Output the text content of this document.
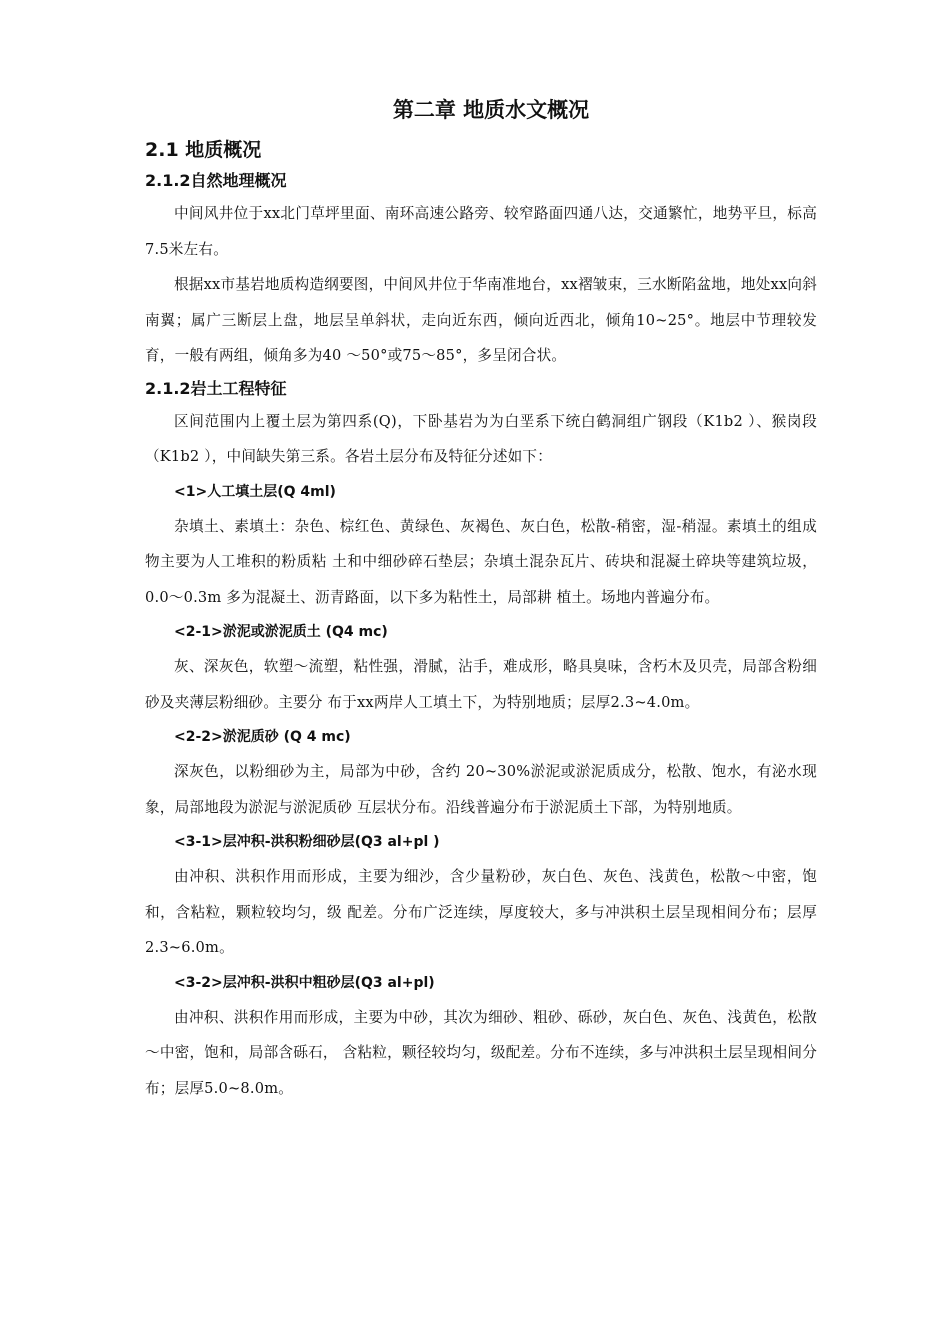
第二章 地质水文概况
2.1 地质概况
2.1.2自然地理概况

中间风井位于xx北门草坪里面、南环高速公路旁、较窄路面四通八达，交通繁忙，地势平旦，标高7.5米左右。

根据xx市基岩地质构造纲要图，中间风井位于华南准地台，xx褶皱束，三水断陷盆地，地处xx向斜南翼；属广三断层上盘，地层呈单斜状，走向近东西，倾向近西北，倾角10~25°。地层中节理较发育，一般有两组，倾角多为40 ～50°或75～85°，多呈闭合状。

2.1.2岩土工程特征

区间范围内上覆土层为第四系(Q)，下卧基岩为为白垩系下统白鹤洞组广钢段（K1b2 ）、猴岗段（K1b2 ），中间缺失第三系。各岩土层分布及特征分述如下：

<1>人工填土层(Q 4ml)

杂填土、素填土：杂色、棕红色、黄绿色、灰褐色、灰白色，松散-稍密，湿-稍湿。素填土的组成物主要为人工堆积的粉质粘 土和中细砂碎石垫层；杂填土混杂瓦片、砖块和混凝土碎块等建筑垃圾，0.0～0.3m 多为混凝土、沥青路面，以下多为粘性土，局部耕 植土。场地内普遍分布。

<2-1>淤泥或淤泥质土 (Q4 mc)

灰、深灰色，软塑～流塑，粘性强，滑腻，沾手，难成形，略具臭味，含朽木及贝壳，局部含粉细砂及夹薄层粉细砂。主要分 布于xx两岸人工填土下，为特别地质；层厚2.3~4.0m。

<2-2>淤泥质砂 (Q 4 mc)

深灰色，以粉细砂为主，局部为中砂，含约 20~30%淤泥或淤泥质成分，松散、饱水，有泌水现象，局部地段为淤泥与淤泥质砂 互层状分布。沿线普遍分布于淤泥质土下部，为特别地质。

<3-1>层冲积-洪积粉细砂层(Q3 al+pl )

由冲积、洪积作用而形成，主要为细沙，含少量粉砂，灰白色、灰色、浅黄色，松散～中密，饱和，含粘粒，颗粒较均匀，级 配差。分布广泛连续，厚度较大，多与冲洪积土层呈现相间分布；层厚2.3~6.0m。

<3-2>层冲积-洪积中粗砂层(Q3 al+pl)

由冲积、洪积作用而形成，主要为中砂，其次为细砂、粗砂、砾砂，灰白色、灰色、浅黄色，松散～中密，饱和，局部含砾石， 含粘粒，颗径较均匀，级配差。分布不连续，多与冲洪积土层呈现相间分布；层厚5.0~8.0m。
